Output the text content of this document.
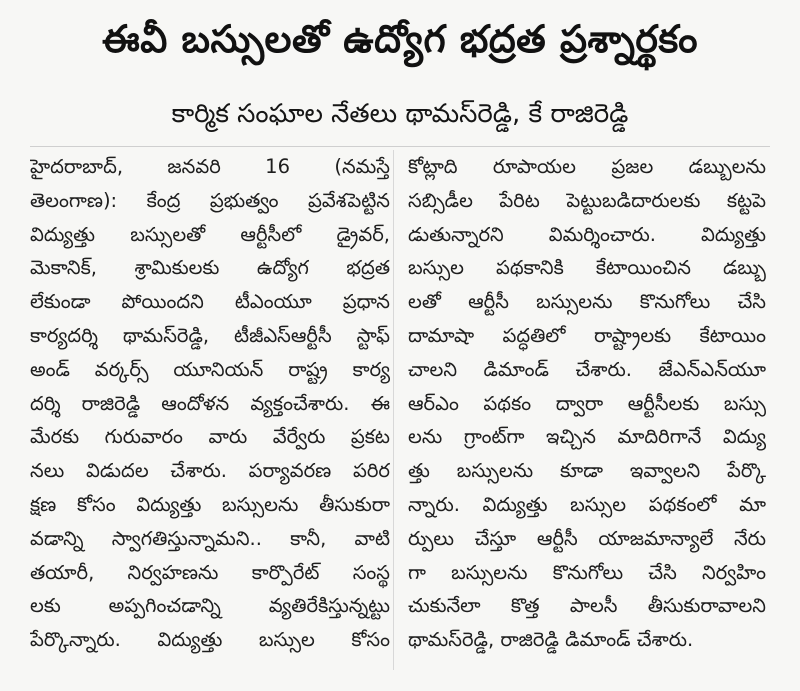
ఈవీ బస్సులతో ఉద్యోగ భద్రత ప్రశ్నార్థకం
కార్మిక సంఘాల నేతలు థామస్‌రెడ్డి, కే రాజిరెడ్డి
హైదరాబాద్, జనవరి 16 (నమస్తే
తెలంగాణ): కేంద్ర ప్రభుత్వం ప్రవేశపెట్టిన
విద్యుత్తు బస్సులతో ఆర్టీసీలో డ్రైవర్,
మెకానిక్, శ్రామికులకు ఉద్యోగ భద్రత
లేకుండా పోయిందని టీఎంయూ ప్రధాన
కార్యదర్శి థామస్‌రెడ్డి, టీజీఎస్‌ఆర్టీసీ స్టాఫ్
అండ్ వర్కర్స్ యూనియన్ రాష్ట్ర కార్య
దర్శి రాజిరెడ్డి ఆందోళన వ్యక్తంచేశారు. ఈ
మేరకు గురువారం వారు వేర్వేరు ప్రకట
నలు విడుదల చేశారు. పర్యావరణ పరిర
క్షణ కోసం విద్యుత్తు బస్సులను తీసుకురా
వడాన్ని స్వాగతిస్తున్నామని.. కానీ, వాటి
తయారీ, నిర్వహణను కార్పొరేట్ సంస్థ
లకు అప్పగించడాన్ని వ్యతిరేకిస్తున్నట్టు
పేర్కొన్నారు. విద్యుత్తు బస్సుల కోసం
కోట్లాది రూపాయల ప్రజల డబ్బులను
సబ్సిడీల పేరిట పెట్టుబడిదారులకు కట్టపె
డుతున్నారని విమర్శించారు. విద్యుత్తు
బస్సుల పథకానికి కేటాయించిన డబ్బు
లతో ఆర్టీసీ బస్సులను కొనుగోలు చేసి
దామాషా పద్ధతిలో రాష్ట్రాలకు కేటాయిం
చాలని డిమాండ్ చేశారు. జేఎన్‌ఎన్‌యూ
ఆర్ఎం పథకం ద్వారా ఆర్టీసీలకు బస్సు
లను గ్రాంట్‌గా ఇచ్చిన మాదిరిగానే విద్యు
త్తు బస్సులను కూడా ఇవ్వాలని పేర్కొ
న్నారు. విద్యుత్తు బస్సుల పథకంలో మా
ర్పులు చేస్తూ ఆర్టీసీ యాజమాన్యాలే నేరు
గా బస్సులను కొనుగోలు చేసి నిర్వహిం
చుకునేలా కొత్త పాలసీ తీసుకురావాలని
థామస్‌రెడ్డి, రాజిరెడ్డి డిమాండ్ చేశారు.
